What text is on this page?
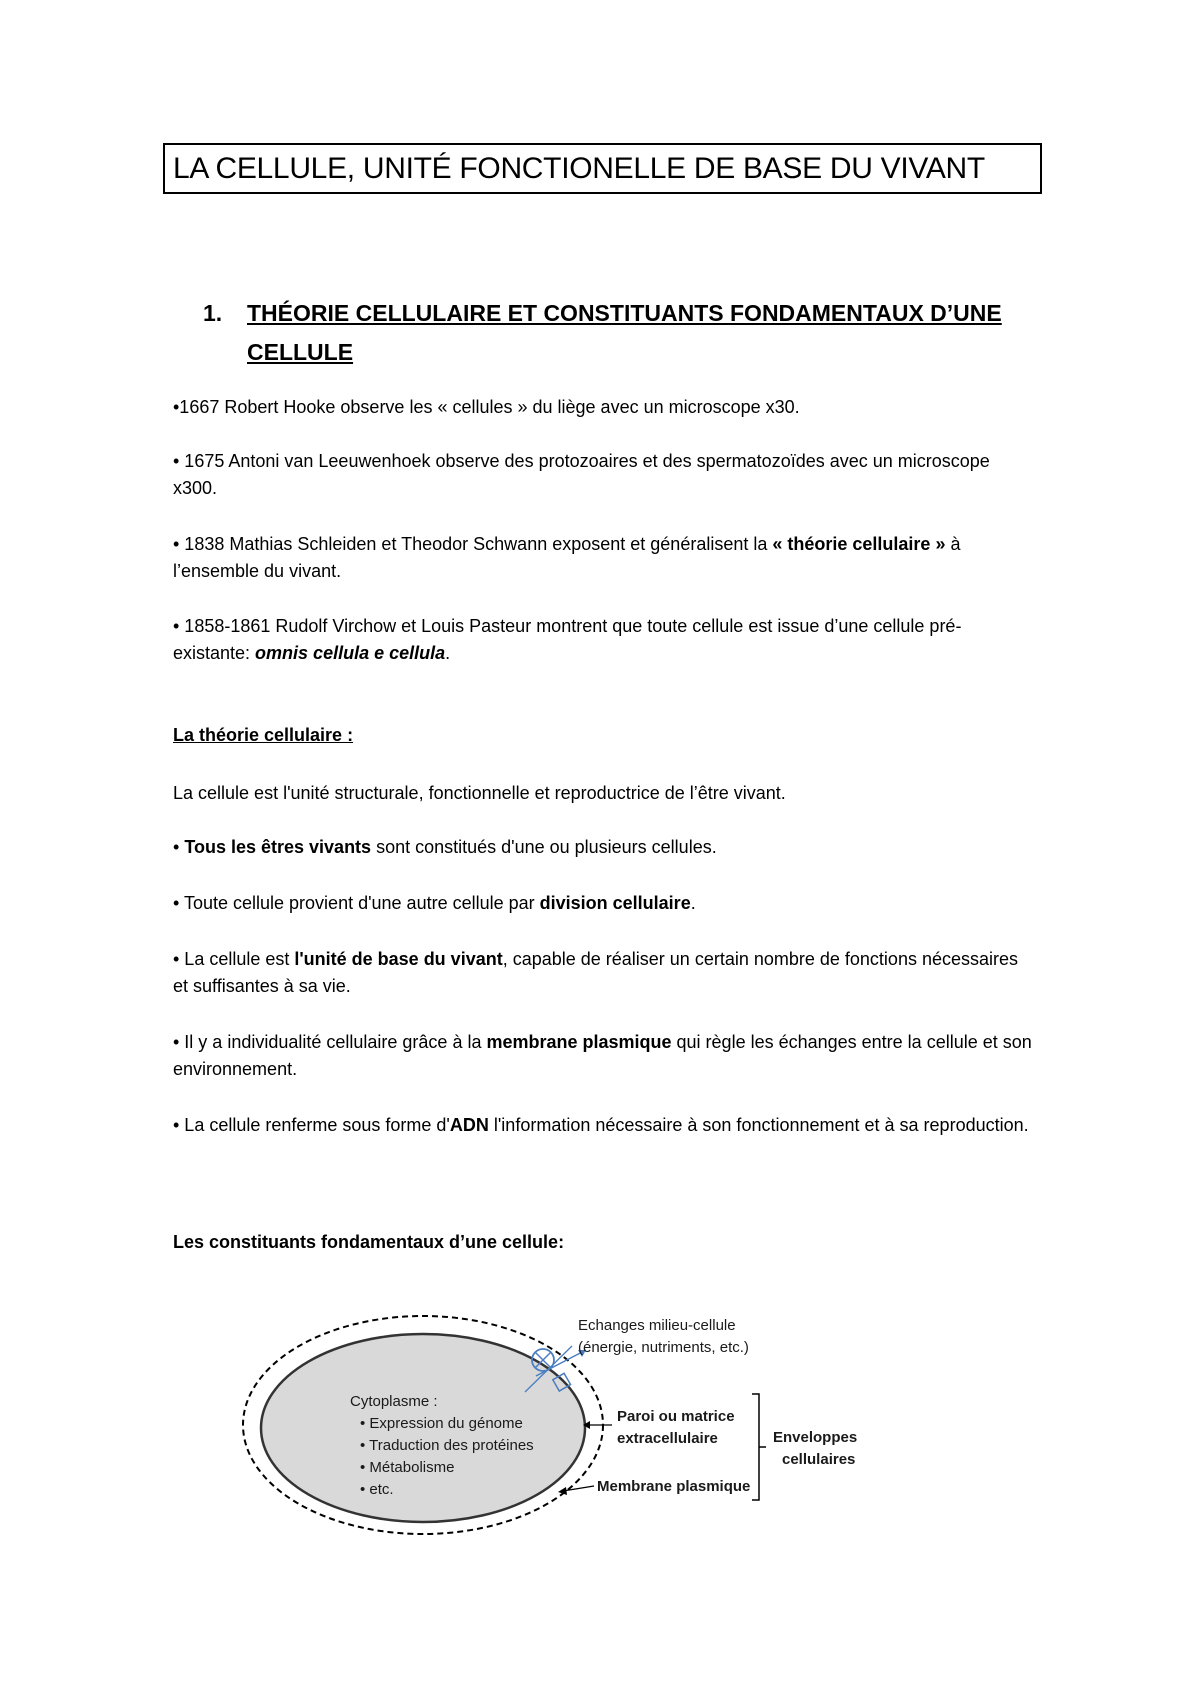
LA CELLULE, UNITÉ FONCTIONELLE DE BASE DU VIVANT
1. THÉORIE CELLULAIRE ET CONSTITUANTS FONDAMENTAUX D’UNE CELLULE

•1667 Robert Hooke observe les « cellules » du liège avec un microscope x30.

• 1675 Antoni van Leeuwenhoek observe des protozoaires et des spermatozoïdes avec un microscope x300.

• 1838 Mathias Schleiden et Theodor Schwann exposent et généralisent la « théorie cellulaire » à l’ensemble du vivant.

• 1858-1861 Rudolf Virchow et Louis Pasteur montrent que toute cellule est issue d’une cellule pré-existante: omnis cellula e cellula.

La théorie cellulaire :

La cellule est l'unité structurale, fonctionnelle et reproductrice de l’être vivant.

• Tous les êtres vivants sont constitués d'une ou plusieurs cellules.

• Toute cellule provient d'une autre cellule par division cellulaire.

• La cellule est l'unité de base du vivant, capable de réaliser un certain nombre de fonctions nécessaires et suffisantes à sa vie.

• Il y a individualité cellulaire grâce à la membrane plasmique qui règle les échanges entre la cellule et son environnement.

• La cellule renferme sous forme d'ADN l'information nécessaire à son fonctionnement et à sa reproduction.

Les constituants fondamentaux d’une cellule:

Echanges milieu-cellule
(énergie, nutriments, etc.)
Cytoplasme :
• Expression du génome
• Traduction des protéines
• Métabolisme
• etc.
Paroi ou matrice
extracellulaire
Membrane plasmique
Enveloppes
cellulaires
